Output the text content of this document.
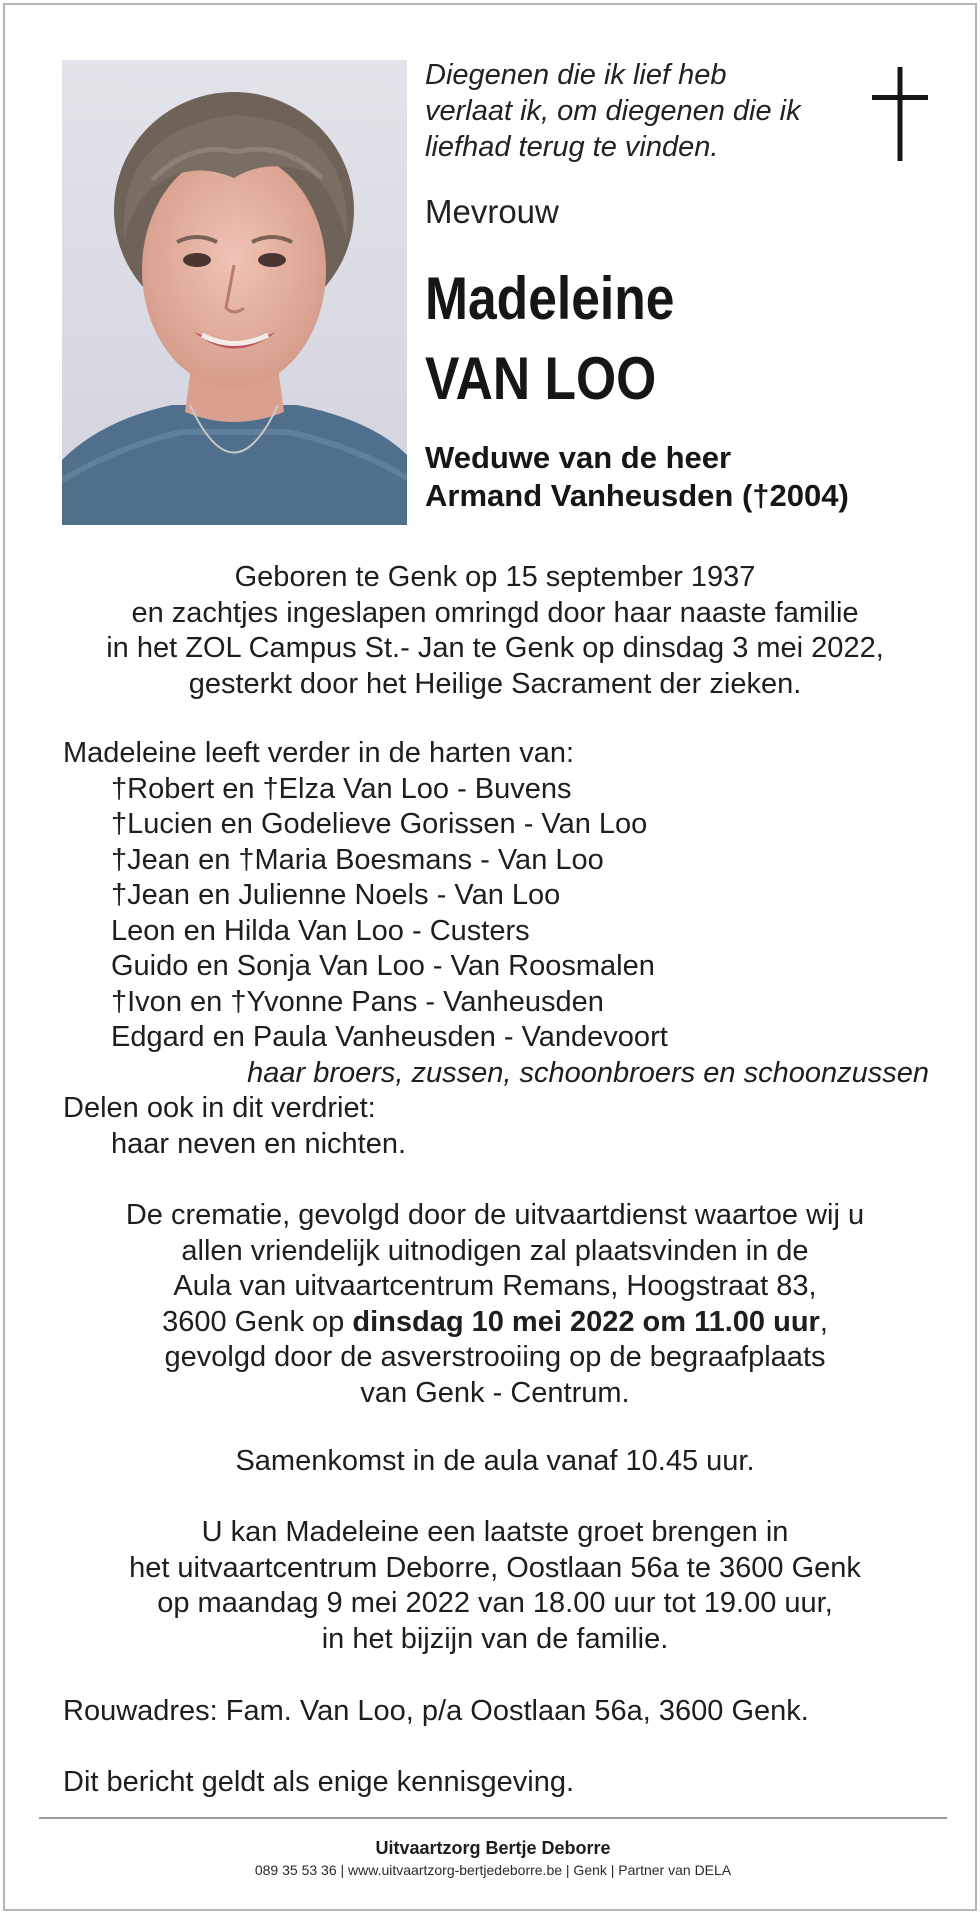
Diegenen die ik lief heb
verlaat ik, om diegenen die ik
liefhad terug te vinden.
Mevrouw
Madeleine
VAN LOO
Weduwe van de heer
Armand Vanheusden (†2004)
Geboren te Genk op 15 september 1937
en zachtjes ingeslapen omringd door haar naaste familie
in het ZOL Campus St.- Jan te Genk op dinsdag 3 mei 2022,
gesterkt door het Heilige Sacrament der zieken.
Madeleine leeft verder in de harten van:
†Robert en †Elza Van Loo - Buvens
†Lucien en Godelieve Gorissen - Van Loo
†Jean en †Maria Boesmans - Van Loo
†Jean en Julienne Noels - Van Loo
Leon en Hilda Van Loo - Custers
Guido en Sonja Van Loo - Van Roosmalen
†Ivon en †Yvonne Pans - Vanheusden
Edgard en Paula Vanheusden - Vandevoort
haar broers, zussen, schoonbroers en schoonzussen
Delen ook in dit verdriet:
haar neven en nichten.
De crematie, gevolgd door de uitvaartdienst waartoe wij u
allen vriendelijk uitnodigen zal plaatsvinden in de
Aula van uitvaartcentrum Remans, Hoogstraat 83,
3600 Genk op dinsdag 10 mei 2022 om 11.00 uur,
gevolgd door de asverstrooiing op de begraafplaats
van Genk - Centrum.
Samenkomst in de aula vanaf 10.45 uur.
U kan Madeleine een laatste groet brengen in
het uitvaartcentrum Deborre, Oostlaan 56a te 3600 Genk
op maandag 9 mei 2022 van 18.00 uur tot 19.00 uur,
in het bijzijn van de familie.
Rouwadres: Fam. Van Loo, p/a Oostlaan 56a, 3600 Genk.
Dit bericht geldt als enige kennisgeving.
Uitvaartzorg Bertje Deborre
089 35 53 36 | www.uitvaartzorg-bertjedeborre.be | Genk | Partner van DELA
